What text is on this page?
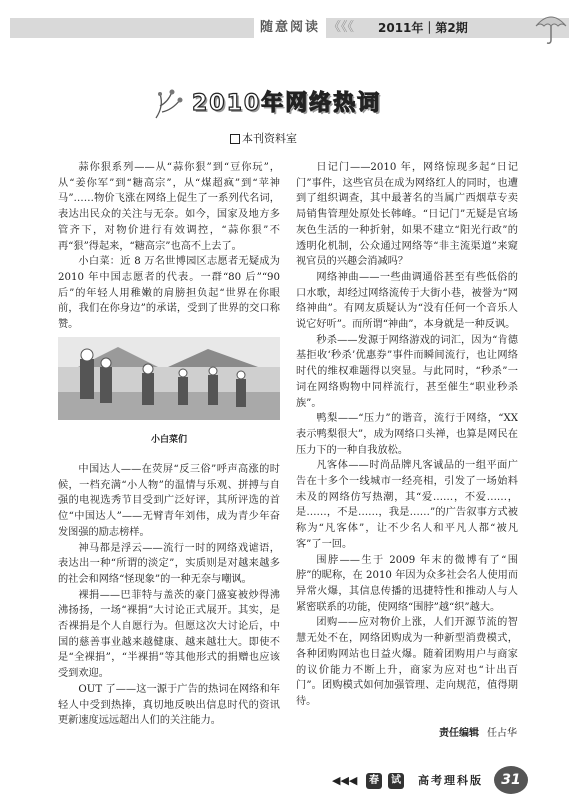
随意阅读 《《《 2011年｜第2期
2010年网络热词
本刊资料室

蒜你狠系列——从“蒜你狠”到“豆你玩”，从“姜你军”到“糖高宗”，从“煤超疯”到“苹神马”……物价飞涨在网络上促生了一系列代名词，表达出民众的关注与无奈。如今，国家及地方多管齐下，对物价进行有效调控，“蒜你狠”不再“狠”得起来，“糖高宗”也高不上去了。

小白菜：近 8 万名世博园区志愿者无疑成为 2010 年中国志愿者的代表。一群“80 后”“90 后”的年轻人用稚嫩的肩膀担负起“世界在你眼前，我们在你身边”的承诺，受到了世界的交口称赞。

小白菜们

中国达人——在荧屏“反三俗”呼声高涨的时候，一档充满“小人物”的温情与乐观、拼搏与自强的电视选秀节目受到广泛好评，其所评选的首位“中国达人”——无臂青年刘伟，成为青少年奋发图强的励志榜样。

神马都是浮云——流行一时的网络戏谑语，表达出一种“所谓的淡定”，实质则是对越来越多的社会和网络“怪现象”的一种无奈与嘲讽。

裸捐——巴菲特与盖茨的豪门盛宴被炒得沸沸扬扬，一场“裸捐”大讨论正式展开。其实，是否裸捐是个人自愿行为。但愿这次大讨论后，中国的慈善事业越来越健康、越来越壮大。即使不是“全裸捐”，“半裸捐”等其他形式的捐赠也应该受到欢迎。

OUT 了——这一源于广告的热词在网络和年轻人中受到热捧，真切地反映出信息时代的资讯更新速度远远超出人们的关注能力。

日记门——2010 年，网络惊现多起“日记门”事件，这些官员在成为网络红人的同时，也遭到了组织调查，其中最著名的当属广西烟草专卖局销售管理处原处长韩峰。“日记门”无疑是官场灰色生活的一种折射，如果不建立“阳光行政”的透明化机制，公众通过网络等“非主流渠道”来窥视官员的兴趣会消减吗？

网络神曲——一些曲调通俗甚至有些低俗的口水歌，却经过网络流传于大街小巷，被誉为“网络神曲”。有网友质疑认为“没有任何一个音乐人说它好听”。而所谓“神曲”，本身就是一种反讽。

秒杀——发源于网络游戏的词汇，因为“肯德基拒收‘秒杀’优惠券”事件而瞬间流行，也让网络时代的维权难题得以突显。与此同时，“秒杀”一词在网络购物中同样流行，甚至催生“职业秒杀族”。

鸭梨——“压力”的谐音，流行于网络，“XX 表示鸭梨很大”，成为网络口头禅，也算是网民在压力下的一种自我放松。

凡客体——时尚品牌凡客诚品的一组平面广告在十多个一线城市一经亮相，引发了一场始料未及的网络仿写热潮，其“爱……，不爱……，是……，不是……，我是……”的广告叙事方式被称为“凡客体”，让不少名人和平凡人都“被凡客”了一回。

围脖——生于 2009 年末的微博有了“围脖”的昵称，在 2010 年因为众多社会名人使用而异常火爆，其信息传播的迅捷特性和推动人与人紧密联系的功能，使网络“围脖”越“织”越大。

团购——应对物价上涨，人们开源节流的智慧无处不在，网络团购成为一种新型消费模式，各种团购网站也日益火爆。随着团购用户与商家的议价能力不断上升，商家为应对也“计出百门”。团购模式如何加强管理、走向规范，值得期待。

责任编辑 任占华
◀◀◀	春	试 高考理科版	31
